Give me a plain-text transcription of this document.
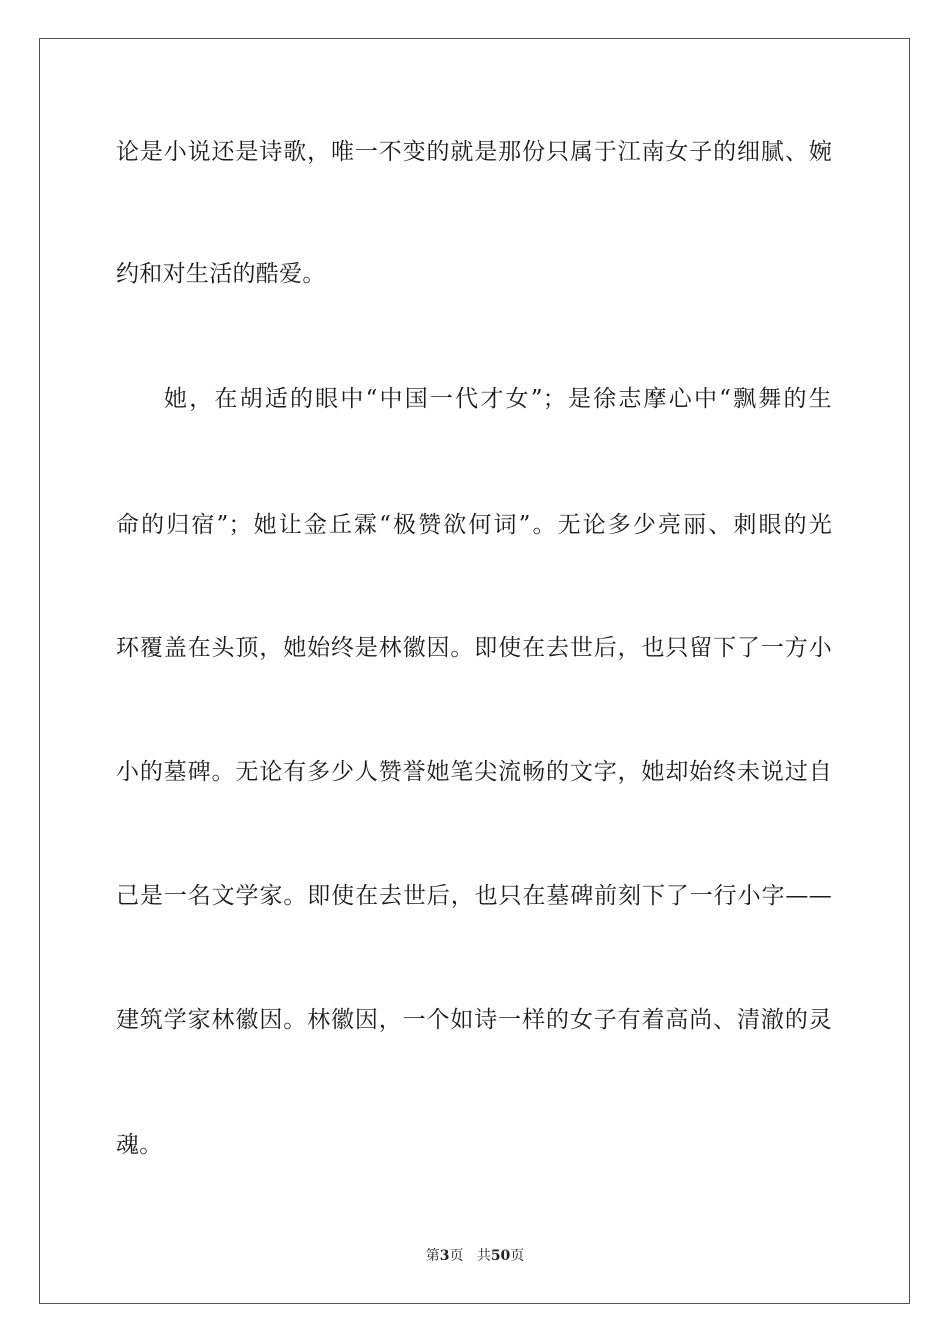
论是小说还是诗歌，唯一不变的就是那份只属于江南女子的细腻、婉
约和对生活的酷爱。
她，在胡适的眼中“中国一代才女”；是徐志摩心中“飘舞的生
命的归宿”；她让金丘霖“极赞欲何词”。无论多少亮丽、刺眼的光
环覆盖在头顶，她始终是林徽因。即使在去世后，也只留下了一方小
小的墓碑。无论有多少人赞誉她笔尖流畅的文字，她却始终未说过自
己是一名文学家。即使在去世后，也只在墓碑前刻下了一行小字——
建筑学家林徽因。林徽因，一个如诗一样的女子有着高尚、清澈的灵
魂。
第3页 共50页
